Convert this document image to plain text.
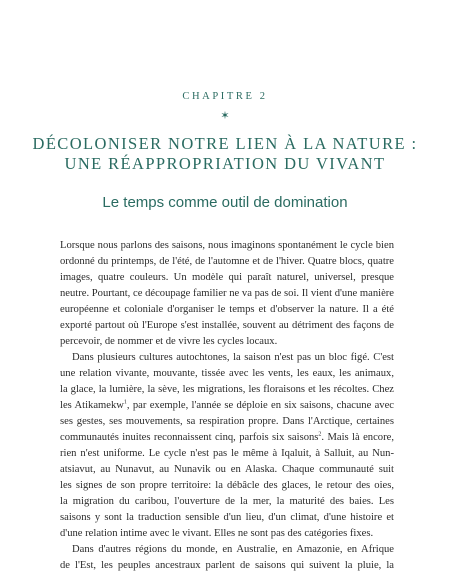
CHAPITRE 2
✶
DÉCOLONISER NOTRE LIEN À LA NATURE :
UNE RÉAPPROPRIATION DU VIVANT
Le temps comme outil de domination
Lorsque nous parlons des saisons, nous imaginons spontanément le cycle bien
ordonné du printemps, de l'été, de l'automne et de l'hiver. Quatre blocs, quatre
images, quatre couleurs. Un modèle qui paraît naturel, universel, presque
neutre. Pourtant, ce découpage familier ne va pas de soi. Il vient d'une manière
européenne et coloniale d'organiser le temps et d'observer la nature. Il a été
exporté partout où l'Europe s'est installée, souvent au détriment des façons de
percevoir, de nommer et de vivre les cycles locaux.
Dans plusieurs cultures autochtones, la saison n'est pas un bloc figé. C'est
une relation vivante, mouvante, tissée avec les vents, les eaux, les animaux,
la glace, la lumière, la sève, les migrations, les floraisons et les récoltes. Chez
les Atikamekw$^1$, par exemple, l'année se déploie en six saisons, chacune avec
ses gestes, ses mouvements, sa respiration propre. Dans l'Arctique, certaines
communautés inuites reconnaissent cinq, parfois six saisons$^2$. Mais là encore,
rien n'est uniforme. Le cycle n'est pas le même à Iqaluit, à Salluit, au Nun-
atsiavut, au Nunavut, au Nunavik ou en Alaska. Chaque communauté suit
les signes de son propre territoire: la débâcle des glaces, le retour des oies,
la migration du caribou, l'ouverture de la mer, la maturité des baies. Les
saisons y sont la traduction sensible d'un lieu, d'un climat, d'une histoire et
d'une relation intime avec le vivant. Elles ne sont pas des catégories fixes.
Dans d'autres régions du monde, en Australie, en Amazonie, en Afrique
de l'Est, les peuples ancestraux parlent de saisons qui suivent la pluie, la
